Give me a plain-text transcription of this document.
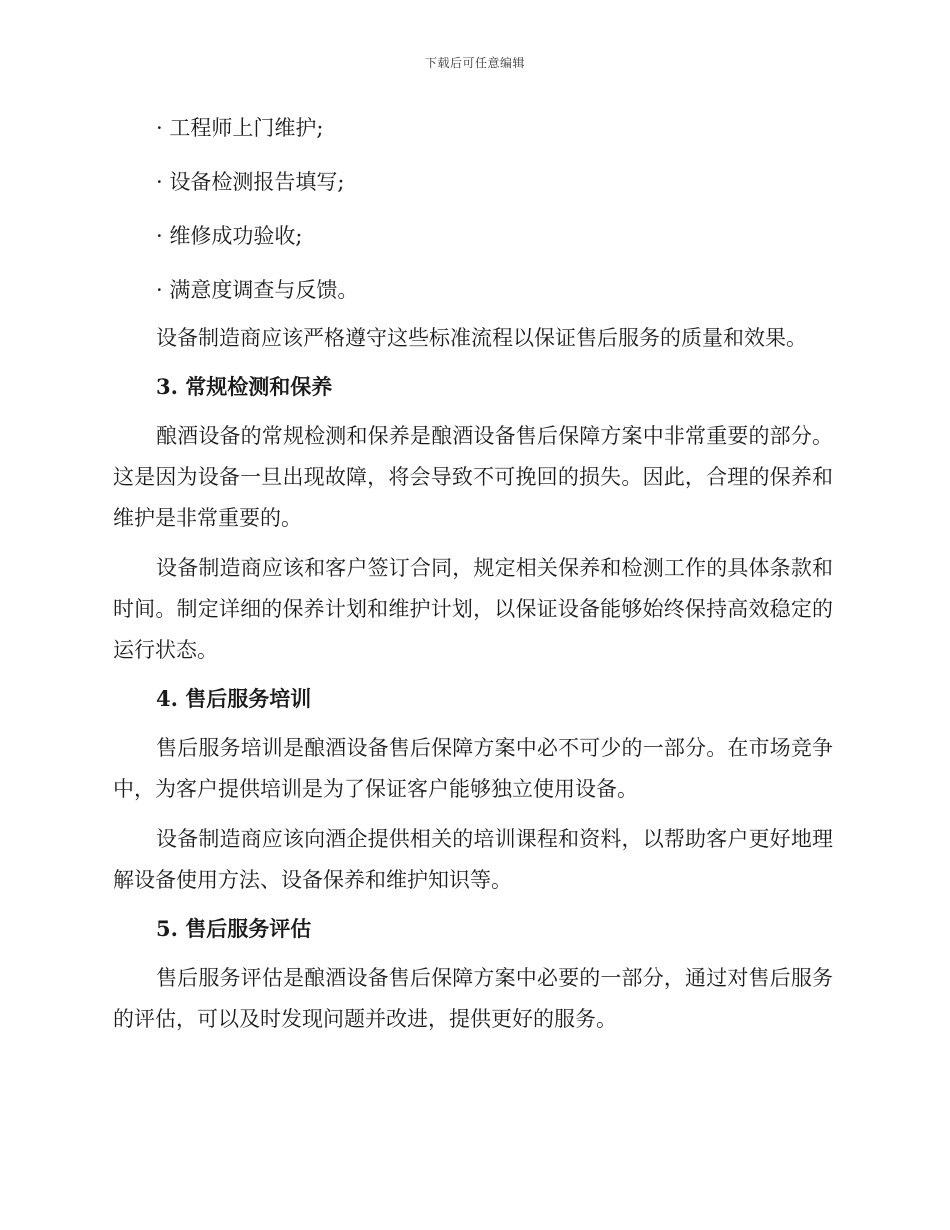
下载后可任意编辑
· 工程师上门维护;
· 设备检测报告填写;
· 维修成功验收;
· 满意度调查与反馈。

设备制造商应该严格遵守这些标准流程以保证售后服务的质量和效果。

3. 常规检测和保养

酿酒设备的常规检测和保养是酿酒设备售后保障方案中非常重要的部分。这是因为设备一旦出现故障，将会导致不可挽回的损失。因此，合理的保养和维护是非常重要的。

设备制造商应该和客户签订合同，规定相关保养和检测工作的具体条款和时间。制定详细的保养计划和维护计划，以保证设备能够始终保持高效稳定的运行状态。

4. 售后服务培训

售后服务培训是酿酒设备售后保障方案中必不可少的一部分。在市场竞争中，为客户提供培训是为了保证客户能够独立使用设备。

设备制造商应该向酒企提供相关的培训课程和资料，以帮助客户更好地理解设备使用方法、设备保养和维护知识等。

5. 售后服务评估

售后服务评估是酿酒设备售后保障方案中必要的一部分，通过对售后服务的评估，可以及时发现问题并改进，提供更好的服务。
